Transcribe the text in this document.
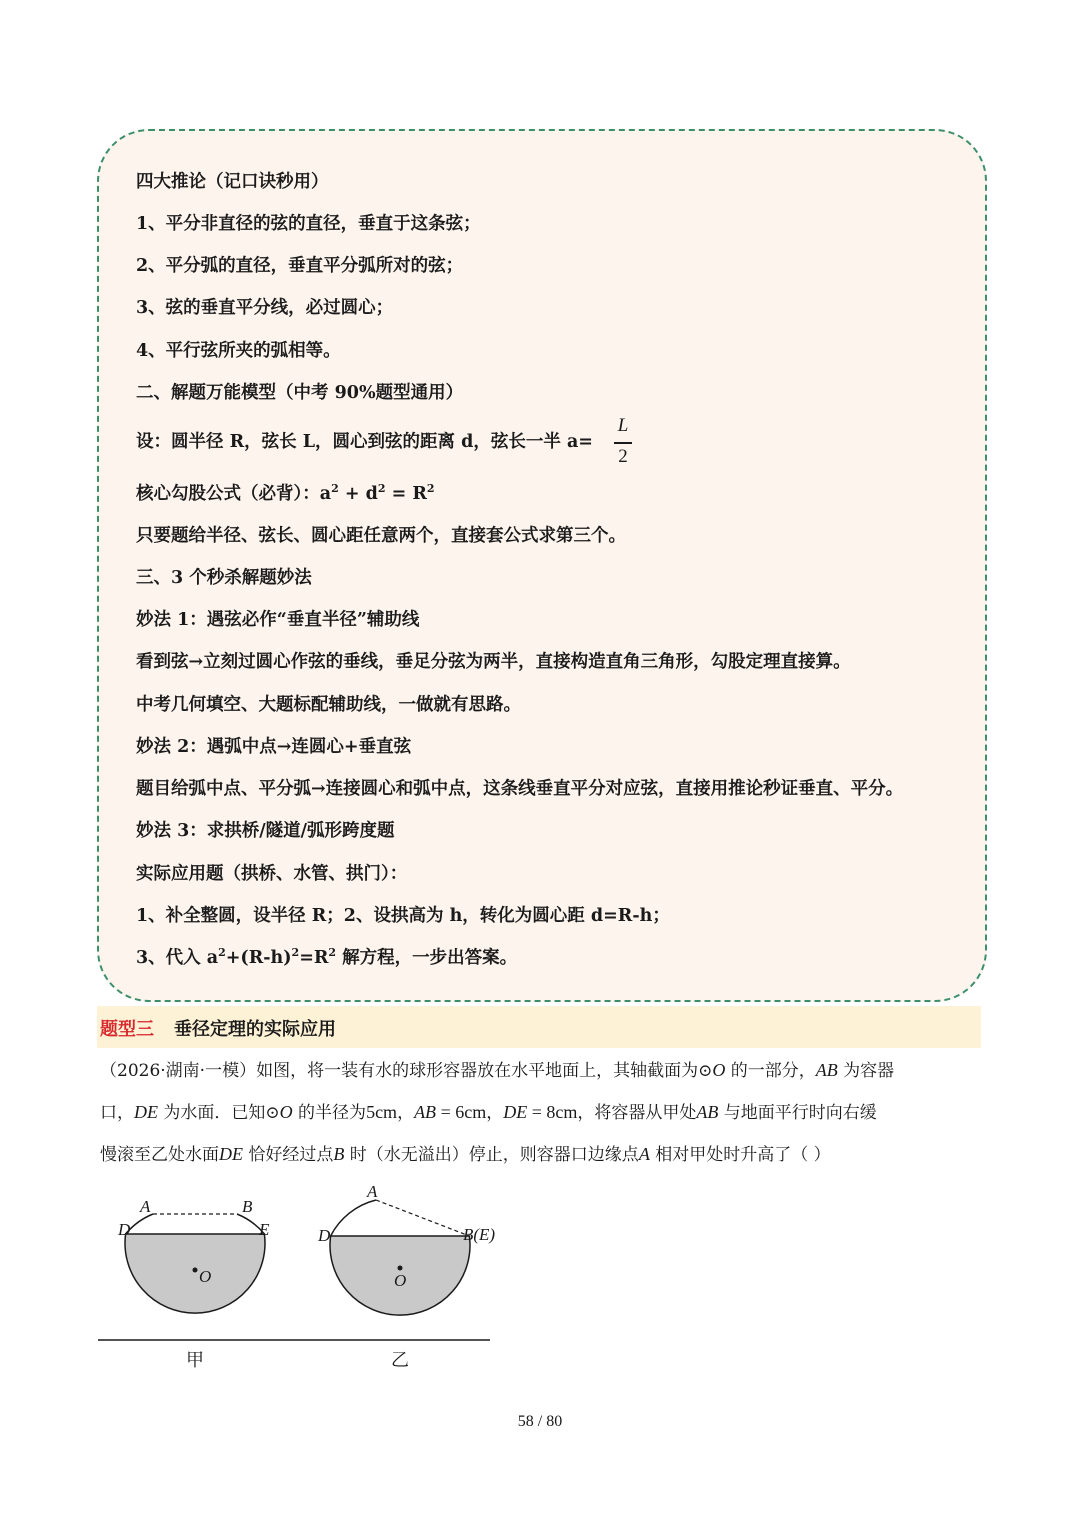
四大推论（记口诀秒用）
1、平分非直径的弦的直径，垂直于这条弦；
2、平分弧的直径，垂直平分弧所对的弦；
3、弦的垂直平分线，必过圆心；
4、平行弦所夹的弧相等。
二、解题万能模型（中考 90%题型通用）
设：圆半径 R，弦长 L，圆心到弦的距离 d，弦长一半 a=
L
2
核心勾股公式（必背）：$a^2 + d^2 = R^2$
只要题给半径、弦长、圆心距任意两个，直接套公式求第三个。
三、3 个秒杀解题妙法
妙法 1：遇弦必作“垂直半径”辅助线
看到弦→立刻过圆心作弦的垂线，垂足分弦为两半，直接构造直角三角形，勾股定理直接算。
中考几何填空、大题标配辅助线，一做就有思路。
妙法 2：遇弧中点→连圆心+垂直弦
题目给弧中点、平分弧→连接圆心和弧中点，这条线垂直平分对应弦，直接用推论秒证垂直、平分。
妙法 3：求拱桥/隧道/弧形跨度题
实际应用题（拱桥、水管、拱门）：
1、补全整圆，设半径 R；2、设拱高为 h，转化为圆心距 d=R-h；
3、代入 $a^2+(R-h)^2=R^2$ 解方程，一步出答案。
题型三 垂径定理的实际应用
（2026·湖南·一模）如图，将一装有水的球形容器放在水平地面上，其轴截面为⊙O 的一部分，AB 为容器
口，DE 为水面．已知⊙O 的半径为5cm，AB = 6cm，DE = 8cm，将容器从甲处AB 与地面平行时向右缓
慢滚至乙处水面DE 恰好经过点B 时（水无溢出）停止，则容器口边缘点A 相对甲处时升高了（ ）
A	B
D	E
O
甲
A
B(E)
D
O
乙
58 / 80
